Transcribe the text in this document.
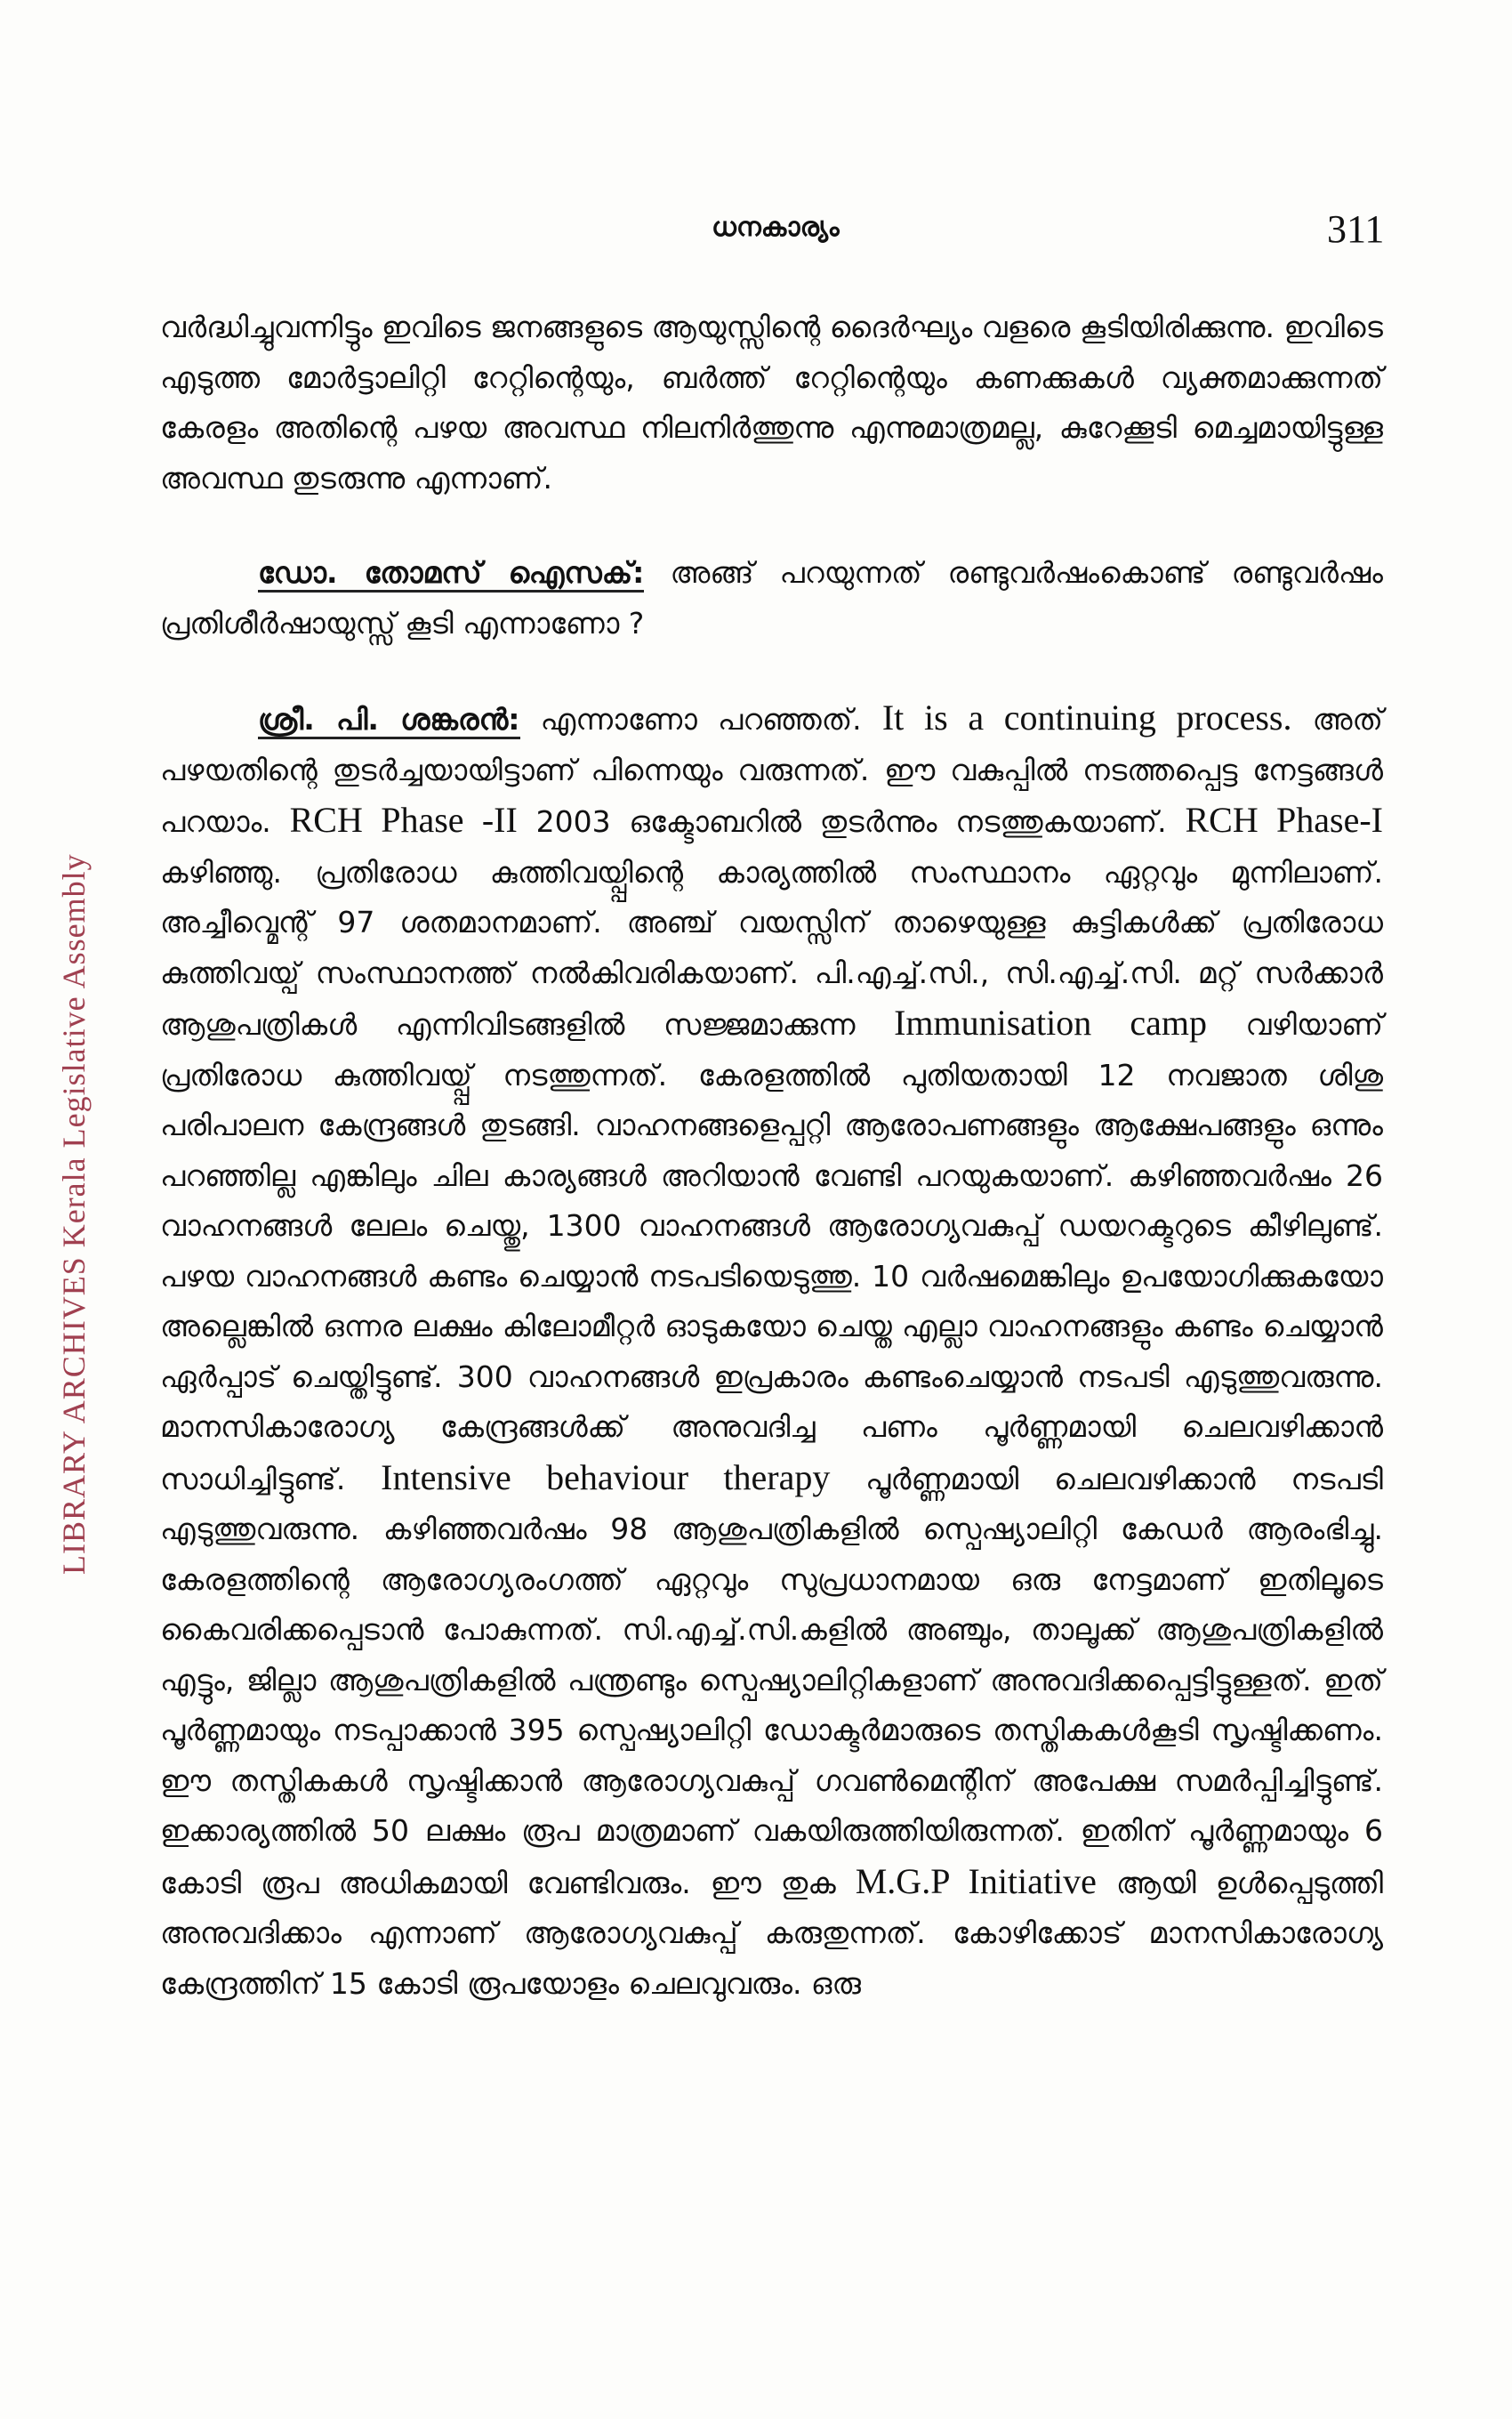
LIBRARY ARCHIVES Kerala Legislative Assembly
ധനകാര്യം	311

വർദ്ധിച്ചുവന്നിട്ടും ഇവിടെ ജനങ്ങളുടെ ആയുസ്സിന്റെ ദൈർഘ്യം വളരെ കൂടിയിരിക്കുന്നു. ഇവിടെ എടുത്ത മോർട്ടാലിറ്റി റേറ്റിന്റെയും, ബർത്ത് റേറ്റിന്റെയും കണക്കുകൾ വ്യക്തമാക്കുന്നത് കേരളം അതിന്റെ പഴയ അവസ്ഥ നിലനിർത്തുന്നു എന്നുമാത്രമല്ല, കുറേക്കൂടി മെച്ചമായിട്ടുള്ള അവസ്ഥ തുടരുന്നു എന്നാണ്.

ഡോ. തോമസ് ഐസക്: അങ്ങ് പറയുന്നത് രണ്ടുവർഷംകൊണ്ട് രണ്ടുവർഷം പ്രതിശീർഷായുസ്സ് കൂടി എന്നാണോ ?

ശ്രീ. പി. ശങ്കരൻ: എന്നാണോ പറഞ്ഞത്. It is a continuing process. അത് പഴയതിന്റെ തുടർച്ചയായിട്ടാണ് പിന്നെയും വരുന്നത്. ഈ വകുപ്പിൽ നടത്തപ്പെട്ട നേട്ടങ്ങൾ പറയാം. RCH Phase -II 2003 ഒക്ടോബറിൽ തുടർന്നും നടത്തുകയാണ്. RCH Phase-I കഴിഞ്ഞു. പ്രതിരോധ കുത്തിവയ്പ്പിന്റെ കാര്യത്തിൽ സംസ്ഥാനം ഏറ്റവും മുന്നിലാണ്. അച്ചീവ്മെന്റ് 97 ശതമാനമാണ്. അഞ്ച് വയസ്സിന് താഴെയുള്ള കുട്ടികൾക്ക് പ്രതിരോധ കുത്തിവയ്പ് സംസ്ഥാനത്ത് നൽകിവരികയാണ്. പി.എച്ച്.സി., സി.എച്ച്.സി. മറ്റ് സർക്കാർ ആശുപത്രികൾ എന്നിവിടങ്ങളിൽ സജ്ജമാക്കുന്ന Immunisation camp വഴിയാണ് പ്രതിരോധ കുത്തിവയ്പ്പ് നടത്തുന്നത്. കേരളത്തിൽ പുതിയതായി 12 നവജാത ശിശു പരിപാലന കേന്ദ്രങ്ങൾ തുടങ്ങി. വാഹനങ്ങളെപ്പറ്റി ആരോപണങ്ങളും ആക്ഷേപങ്ങളും ഒന്നും പറഞ്ഞില്ല എങ്കിലും ചില കാര്യങ്ങൾ അറിയാൻ വേണ്ടി പറയുകയാണ്. കഴിഞ്ഞവർഷം 26 വാഹനങ്ങൾ ലേലം ചെയ്തു, 1300 വാഹനങ്ങൾ ആരോഗ്യവകുപ്പ് ഡയറക്ടറുടെ കീഴിലുണ്ട്. പഴയ വാഹനങ്ങൾ കണ്ടം ചെയ്യാൻ നടപടിയെടുത്തു. 10 വർഷമെങ്കിലും ഉപയോഗിക്കുകയോ അല്ലെങ്കിൽ ഒന്നര ലക്ഷം കിലോമീറ്റർ ഓടുകയോ ചെയ്ത എല്ലാ വാഹനങ്ങളും കണ്ടം ചെയ്യാൻ ഏർപ്പാട് ചെയ്തിട്ടുണ്ട്. 300 വാഹനങ്ങൾ ഇപ്രകാരം കണ്ടംചെയ്യാൻ നടപടി എടുത്തുവരുന്നു. മാനസികാരോഗ്യ കേന്ദ്രങ്ങൾക്ക് അനുവദിച്ച പണം പൂർണ്ണമായി ചെലവഴിക്കാൻ സാധിച്ചിട്ടുണ്ട്. Intensive behaviour therapy പൂർണ്ണമായി ചെലവഴിക്കാൻ നടപടി എടുത്തുവരുന്നു. കഴിഞ്ഞവർഷം 98 ആശുപത്രികളിൽ സ്പെഷ്യാലിറ്റി കേഡർ ആരംഭിച്ചു. കേരളത്തിന്റെ ആരോഗ്യരംഗത്ത് ഏറ്റവും സുപ്രധാനമായ ഒരു നേട്ടമാണ് ഇതിലൂടെ കൈവരിക്കപ്പെടാൻ പോകുന്നത്. സി.എച്ച്.സി.കളിൽ അഞ്ചും, താലൂക്ക് ആശുപത്രികളിൽ എട്ടും, ജില്ലാ ആശുപത്രികളിൽ പന്ത്രണ്ടും സ്പെഷ്യാലിറ്റികളാണ് അനുവദിക്കപ്പെട്ടിട്ടുള്ളത്. ഇത് പൂർണ്ണമായും നടപ്പാക്കാൻ 395 സ്പെഷ്യാലിറ്റി ഡോക്ടർമാരുടെ തസ്തികകൾകൂടി സൃഷ്ടിക്കണം. ഈ തസ്തികകൾ സൃഷ്ടിക്കാൻ ആരോഗ്യവകുപ്പ് ഗവൺമെന്റിന് അപേക്ഷ സമർപ്പിച്ചിട്ടുണ്ട്. ഇക്കാര്യത്തിൽ 50 ലക്ഷം രൂപ മാത്രമാണ് വകയിരുത്തിയിരുന്നത്. ഇതിന് പൂർണ്ണമായും 6 കോടി രൂപ അധികമായി വേണ്ടിവരും. ഈ തുക M.G.P Initiative ആയി ഉൾപ്പെടുത്തി അനുവദിക്കാം എന്നാണ് ആരോഗ്യവകുപ്പ് കരുതുന്നത്. കോഴിക്കോട് മാനസികാരോഗ്യ കേന്ദ്രത്തിന് 15 കോടി രൂപയോളം ചെലവുവരും. ഒരു
